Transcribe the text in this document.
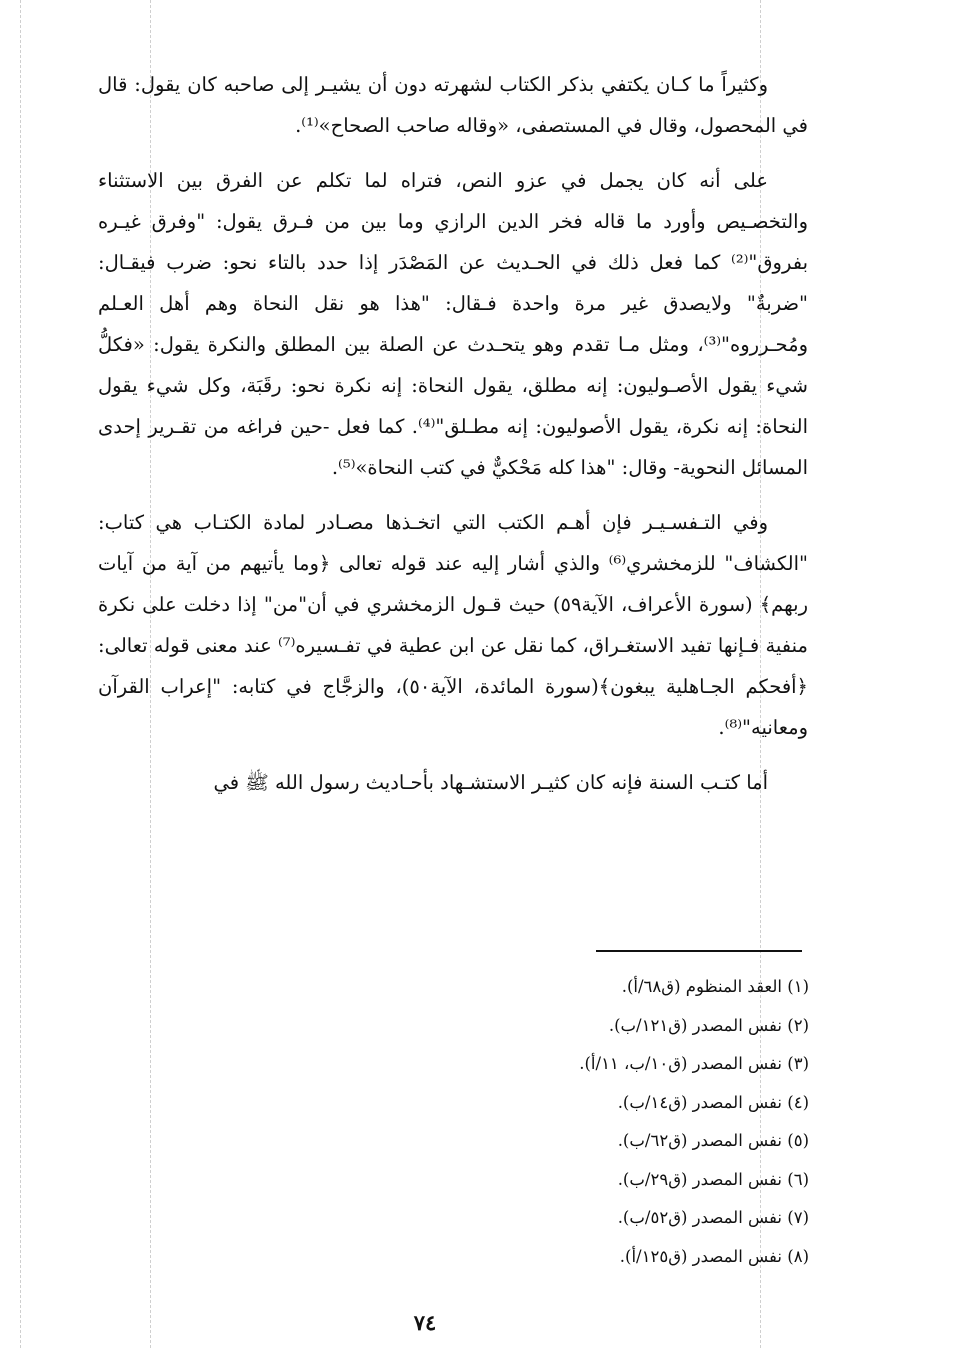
وكثيراً ما كـان يكتفي بذكر الكتاب لشهرته دون أن يشيـر إلى صاحبه كان يقول: قال في المحصول، وقال في المستصفى، «وقاله صاحب الصحاح»⁽¹⁾.

على أنه كان يجمل في عزو النص، فتراه لما تكلم عن الفرق بين الاستثناء والتخصـيص وأورد ما قاله فخر الدين الرازي وما بين من فـرق يقول: "وفرق غيـره بفروق"⁽²⁾ كما فعل ذلك في الحـديث عن المَصْدَر إذا حدد بالتاء نحو: ضرب فيقـال: "ضربةٌ" ولايصدق غير مرة واحدة فـقال: "هذا هو نقل النحاة وهم أهل العـلم ومُحـرروه"⁽³⁾، ومثل مـا تقدم وهو يتحـدث عن الصلة بين المطلق والنكرة يقول: «فكلُّ شيء يقول الأصـوليون: إنه مطلق، يقول النحاة: إنه نكرة نحو: رقَبَة، وكل شيء يقول النحاة: إنه نكرة، يقول الأصوليون: إنه مطـلق"⁽⁴⁾. كما فعل -حين فراغه من تقـرير إحدى المسائل النحوية- وقال: "هذا كله مَحْكيٌّ في كتب النحاة»⁽⁵⁾.

وفي التـفسـيـر فإن أهـم الكتب التي اتخـذها مصـادر لمادة الكتـاب هي كتاب: "الكشاف" للزمخشري⁽⁶⁾ والذي أشار إليه عند قوله تعالى ﴿وما يأتيهم من آية من آيات ربهم﴾ (سورة الأعراف، الآية٥٩) حيث قـول الزمخشري في أن"من" إذا دخلت على نكرة منفية فـإنها تفيد الاستغـراق، كما نقل عن ابن عطية في تفـسيره⁽⁷⁾ عند معنى قوله تعالى: ﴿أفحكم الجـاهلية يبغون﴾(سورة المائدة، الآية٥٠)، والزجَّاج في كتابه: "إعراب القرآن ومعانيه"⁽⁸⁾.

أما كتـب السنة فإنه كان كثيـر الاستشـهاد بأحـاديث رسول الله ﷺ في

(١) العقد المنظوم (ق٦٨/أ).
(٢) نفس المصدر (ق١٢١/ب).
(٣) نفس المصدر (ق١٠/ب، ١١/أ).
(٤) نفس المصدر (ق١٤/ب).
(٥) نفس المصدر (ق٦٢/ب).
(٦) نفس المصدر (ق٢٩/ب).
(٧) نفس المصدر (ق٥٢/ب).
(٨) نفس المصدر (ق١٢٥/أ).
٧٤
